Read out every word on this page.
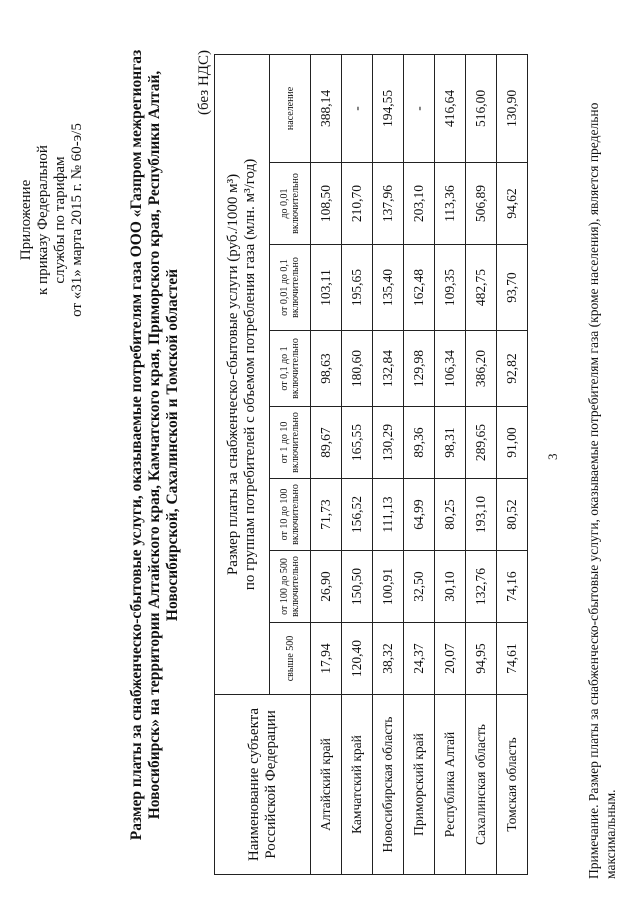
Приложение к приказу Федеральной службы по тарифам от «31» марта 2015 г. № 60-э/5	Размер платы за снабженческо-сбытовые услуги, оказываемые потребителям газа ООО «Газпром межрегионгаз Новосибирск» на территории Алтайского края, Камчатского края, Приморского края, Республики Алтай, Новосибирской, Сахалинской и Томской областей
(без НДС)
Наименование субъекта Российской Федерации	Размер платы за снабженческо-сбытовые услуги (руб./1000 м³) по группам потребителей с объемом потребления газа (млн. м³/год)							

	свыше 500	от 100 до 500 включительно	от 10 до 100 включительно	от 1 до 10 включительно	от 0,1 до 1 включительно	от 0,01 до 0,1 включительно	до 0,01 включительно	население
Алтайский край	17,94	26,90	71,73	89,67	98,63	103,11	108,50	388,14
Камчатский край	120,40	150,50	156,52	165,55	180,60	195,65	210,70	-
Новосибирская область	38,32	100,91	111,13	130,29	132,84	135,40	137,96	194,55
Приморский край	24,37	32,50	64,99	89,36	129,98	162,48	203,10	-
Республика Алтай	20,07	30,10	80,25	98,31	106,34	109,35	113,36	416,64
Сахалинская область	94,95	132,76	193,10	289,65	386,20	482,75	506,89	516,00
Томская область	74,61	74,16	80,52	91,00	92,82	93,70	94,62	130,90
3 Примечание. Размер платы за снабженческо-сбытовые услуги, оказываемые потребителям газа (кроме населения), является предельно максимальным.
